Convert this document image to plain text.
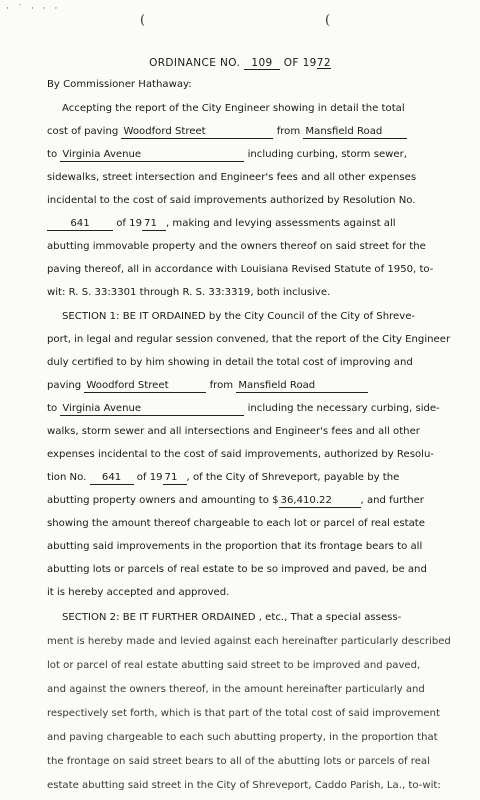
· ˙ · · ·
(	(
ORDINANCE NO. 109 OF 1972
By Commissioner Hathaway:
Accepting the report of the City Engineer showing in detail the total
cost of paving Woodford Street	from Mansfield Road
to Virginia Avenue	including curbing, storm sewer,
sidewalks, street intersection and Engineer's fees and all other expenses
incidental to the cost of said improvements authorized by Resolution No.
641	of 19 71 , making and levying assessments against all
abutting immovable property and the owners thereof on said street for the
paving thereof, all in accordance with Louisiana Revised Statute of 1950, to-
wit: R. S. 33:3301 through R. S. 33:3319, both inclusive.
SECTION 1: BE IT ORDAINED by the City Council of the City of Shreve-
port, in legal and regular session convened, that the report of the City Engineer
duly certified to by him showing in detail the total cost of improving and
paving Woodford Street	from Mansfield Road
to Virginia Avenue	including the necessary curbing, side-
walks, storm sewer and all intersections and Engineer's fees and all other
expenses incidental to the cost of said improvements, authorized by Resolu-
tion No. 641 of 19 71 , of the City of Shreveport, payable by the
abutting property owners and amounting to $ 36,410.22	, and further
showing the amount thereof chargeable to each lot or parcel of real estate
abutting said improvements in the proportion that its frontage bears to all
abutting lots or parcels of real estate to be so improved and paved, be and
it is hereby accepted and approved.
SECTION 2: BE IT FURTHER ORDAINED , etc., That a special assess-
ment is hereby made and levied against each hereinafter particularly described
lot or parcel of real estate abutting said street to be improved and paved,
and against the owners thereof, in the amount hereinafter particularly and
respectively set forth, which is that part of the total cost of said improvement
and paving chargeable to each such abutting property, in the proportion that
the frontage on said street bears to all of the abutting lots or parcels of real
estate abutting said street in the City of Shreveport, Caddo Parish, La., to-wit:
